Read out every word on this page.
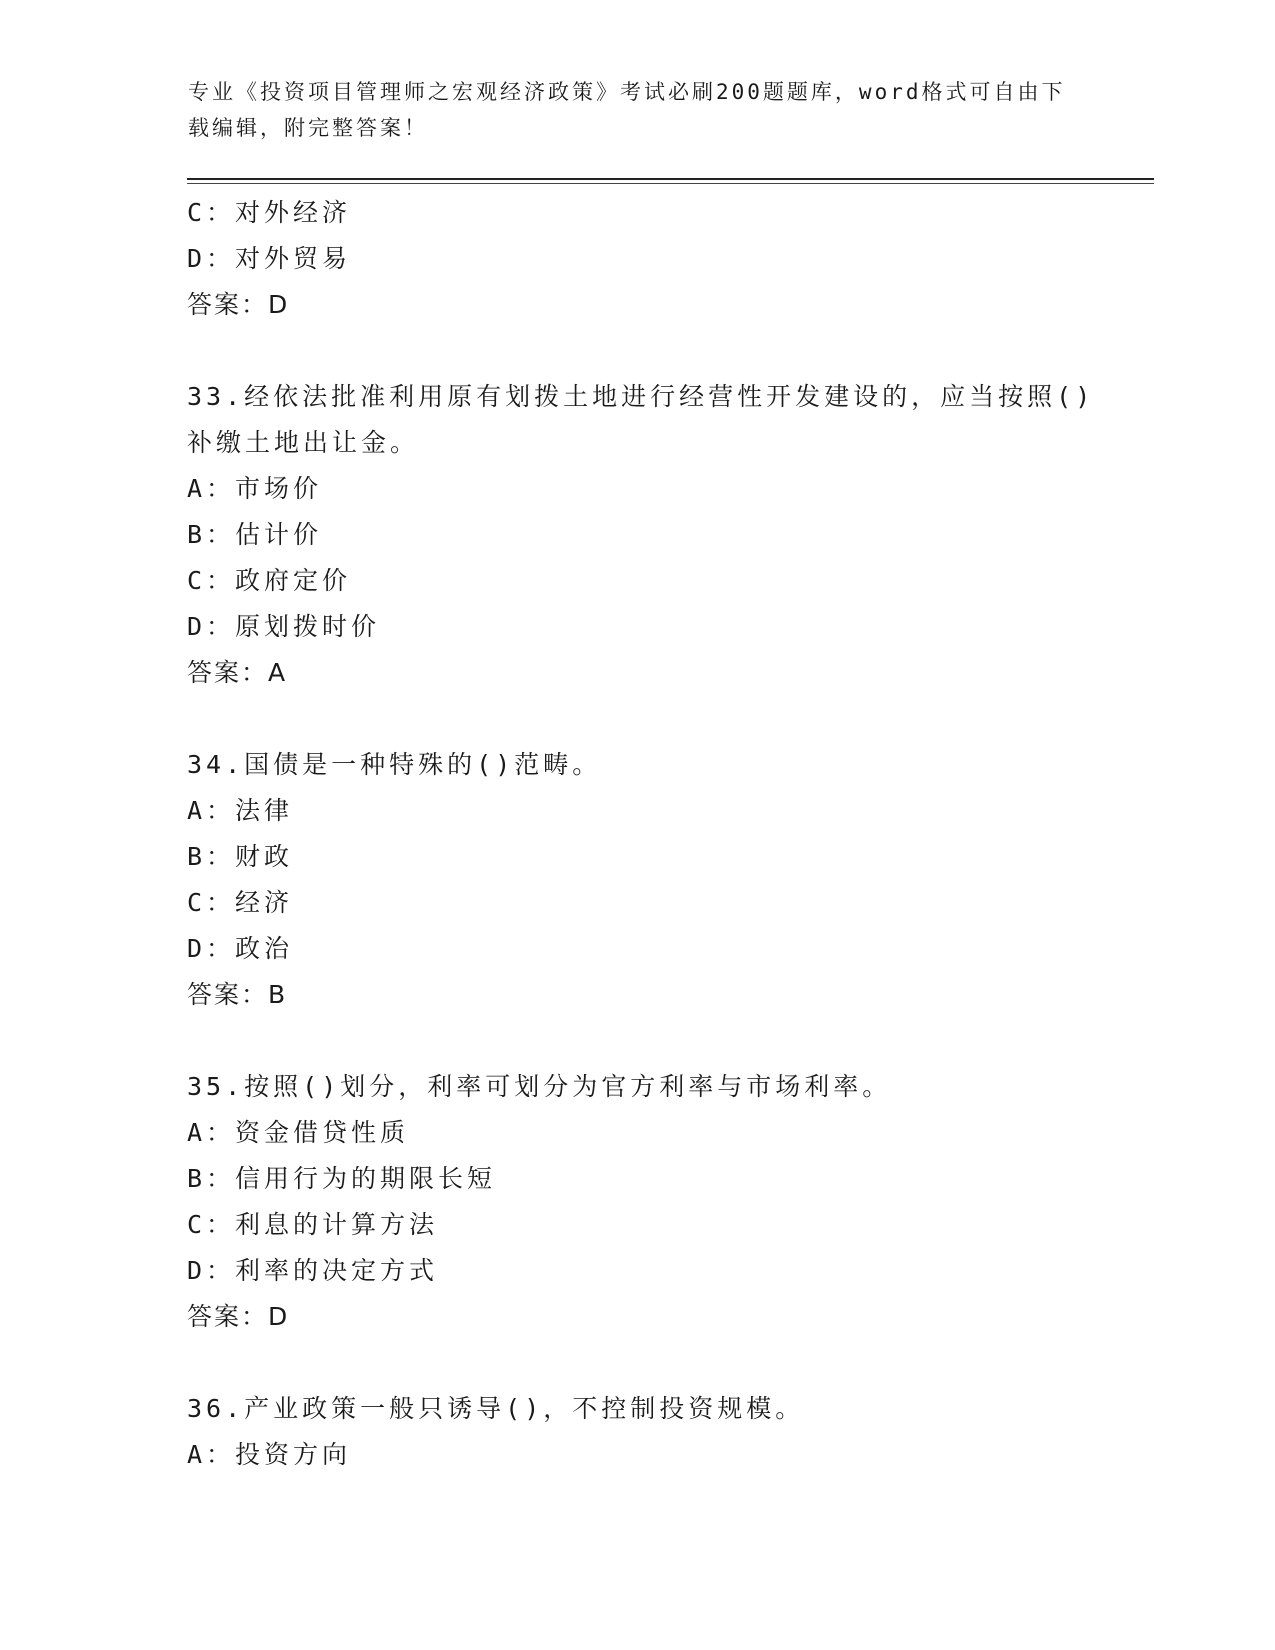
专业《投资项目管理师之宏观经济政策》考试必刷200题题库，word格式可自由下载编辑，附完整答案！
C：对外经济
D：对外贸易
答案：D
33.经依法批准利用原有划拨土地进行经营性开发建设的，应当按照()
补缴土地出让金。
A：市场价
B：估计价
C：政府定价
D：原划拨时价
答案：A
34.国债是一种特殊的()范畴。
A：法律
B：财政
C：经济
D：政治
答案：B
35.按照()划分，利率可划分为官方利率与市场利率。
A：资金借贷性质
B：信用行为的期限长短
C：利息的计算方法
D：利率的决定方式
答案：D
36.产业政策一般只诱导()，不控制投资规模。
A：投资方向
